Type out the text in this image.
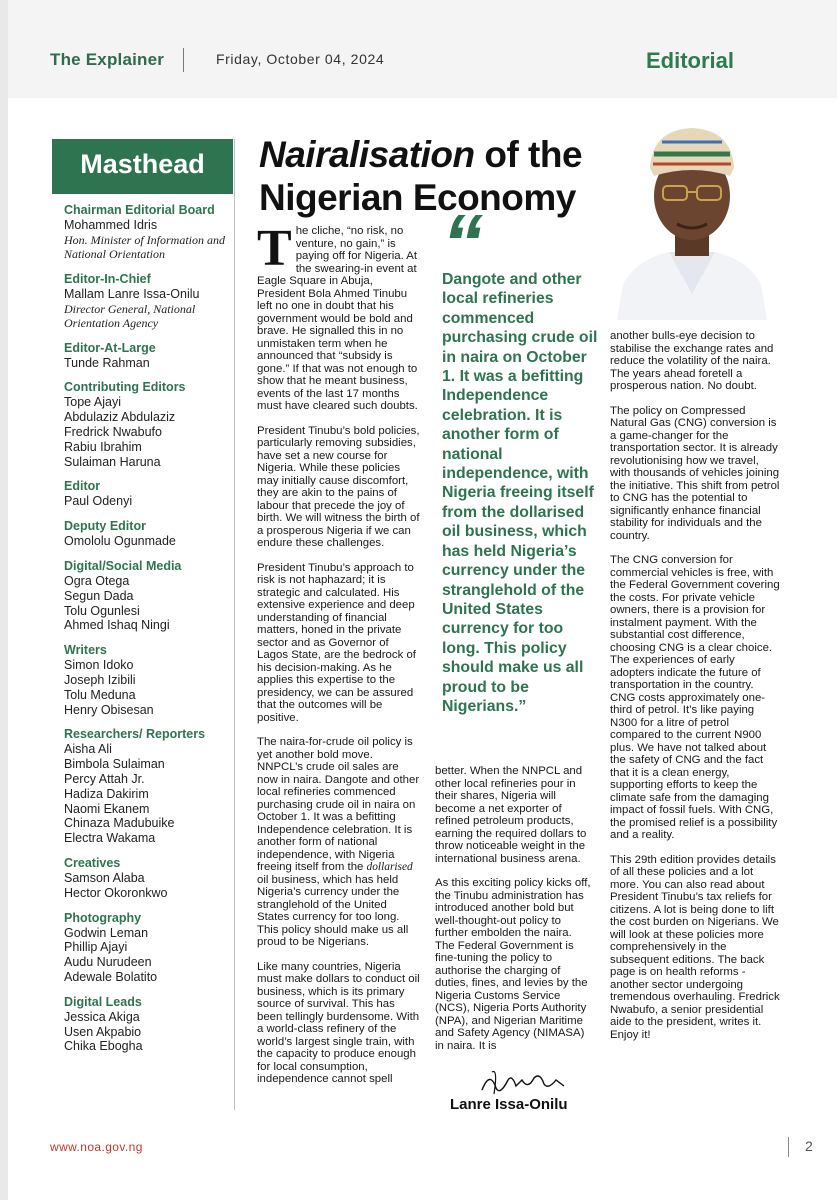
The Explainer	Friday, October 04, 2024	Editorial
Masthead
Chairman Editorial Board
Mohammed Idris
Hon. Minister of Information and National Orientation
Editor-In-Chief
Mallam Lanre Issa-Onilu
Director General, National Orientation Agency
Editor-At-Large
Tunde Rahman
Contributing Editors
Tope Ajayi
Abdulaziz Abdulaziz
Fredrick Nwabufo
Rabiu Ibrahim
Sulaiman Haruna
Editor
Paul Odenyi
Deputy Editor
Omololu Ogunmade
Digital/Social Media
Ogra Otega
Segun Dada
Tolu Ogunlesi
Ahmed Ishaq Ningi
Writers
Simon Idoko
Joseph Izibili
Tolu Meduna
Henry Obisesan
Researchers/ Reporters
Aisha Ali
Bimbola Sulaiman
Percy Attah Jr.
Hadiza Dakirim
Naomi Ekanem
Chinaza Madubuike
Electra Wakama
Creatives
Samson Alaba
Hector Okoronkwo
Photography
Godwin Leman
Phillip Ajayi
Audu Nurudeen
Adewale Bolatito
Digital Leads
Jessica Akiga
Usen Akpabio
Chika Ebogha
Nairalisation of the Nigerian Economy

The cliche, “no risk, no venture, no gain,” is paying off for Nigeria. At the swearing-in event at Eagle Square in Abuja, President Bola Ahmed Tinubu left no one in doubt that his government would be bold and brave. He signalled this in no unmistaken term when he announced that “subsidy is gone.” If that was not enough to show that he meant business, events of the last 17 months must have cleared such doubts.

President Tinubu’s bold policies, particularly removing subsidies, have set a new course for Nigeria. While these policies may initially cause discomfort, they are akin to the pains of labour that precede the joy of birth. We will witness the birth of a prosperous Nigeria if we can endure these challenges.

President Tinubu’s approach to risk is not haphazard; it is strategic and calculated. His extensive experience and deep understanding of financial matters, honed in the private sector and as Governor of Lagos State, are the bedrock of his decision-making. As he applies this expertise to the presidency, we can be assured that the outcomes will be positive.

The naira-for-crude oil policy is yet another bold move. NNPCL’s crude oil sales are now in naira. Dangote and other local refineries commenced purchasing crude oil in naira on October 1. It was a befitting Independence celebration. It is another form of national independence, with Nigeria freeing itself from the dollarised oil business, which has held Nigeria’s currency under the stranglehold of the United States currency for too long. This policy should make us all proud to be Nigerians.

Like many countries, Nigeria must make dollars to conduct oil business, which is its primary source of survival. This has been tellingly burdensome. With a world-class refinery of the world’s largest single train, with the capacity to produce enough for local consumption, independence cannot spell

“
Dangote and other local refineries commenced purchasing crude oil in naira on October 1. It was a befitting Independence celebration. It is another form of national independence, with Nigeria freeing itself from the dollarised oil business, which has held Nigeria’s currency under the stranglehold of the United States currency for too long. This policy should make us all proud to be Nigerians.”

better. When the NNPCL and other local refineries pour in their shares, Nigeria will become a net exporter of refined petroleum products, earning the required dollars to throw noticeable weight in the international business arena.

As this exciting policy kicks off, the Tinubu administration has introduced another bold but well-thought-out policy to further embolden the naira. The Federal Government is fine-tuning the policy to authorise the charging of duties, fines, and levies by the Nigeria Customs Service (NCS), Nigeria Ports Authority (NPA), and Nigerian Maritime and Safety Agency (NIMASA) in naira. It is

another bulls-eye decision to stabilise the exchange rates and reduce the volatility of the naira. The years ahead foretell a prosperous nation. No doubt.

The policy on Compressed Natural Gas (CNG) conversion is a game-changer for the transportation sector. It is already revolutionising how we travel, with thousands of vehicles joining the initiative. This shift from petrol to CNG has the potential to significantly enhance financial stability for individuals and the country.

The CNG conversion for commercial vehicles is free, with the Federal Government covering the costs. For private vehicle owners, there is a provision for instalment payment. With the substantial cost difference, choosing CNG is a clear choice. The experiences of early adopters indicate the future of transportation in the country. CNG costs approximately one-third of petrol. It’s like paying N300 for a litre of petrol compared to the current N900 plus. We have not talked about the safety of CNG and the fact that it is a clean energy, supporting efforts to keep the climate safe from the damaging impact of fossil fuels. With CNG, the promised relief is a possibility and a reality.

This 29th edition provides details of all these policies and a lot more. You can also read about President Tinubu’s tax reliefs for citizens. A lot is being done to lift the cost burden on Nigerians. We will look at these policies more comprehensively in the subsequent editions. The back page is on health reforms - another sector undergoing tremendous overhauling. Fredrick Nwabufo, a senior presidential aide to the president, writes it. Enjoy it!

Lanre Issa-Onilu
www.noa.gov.ng	2
